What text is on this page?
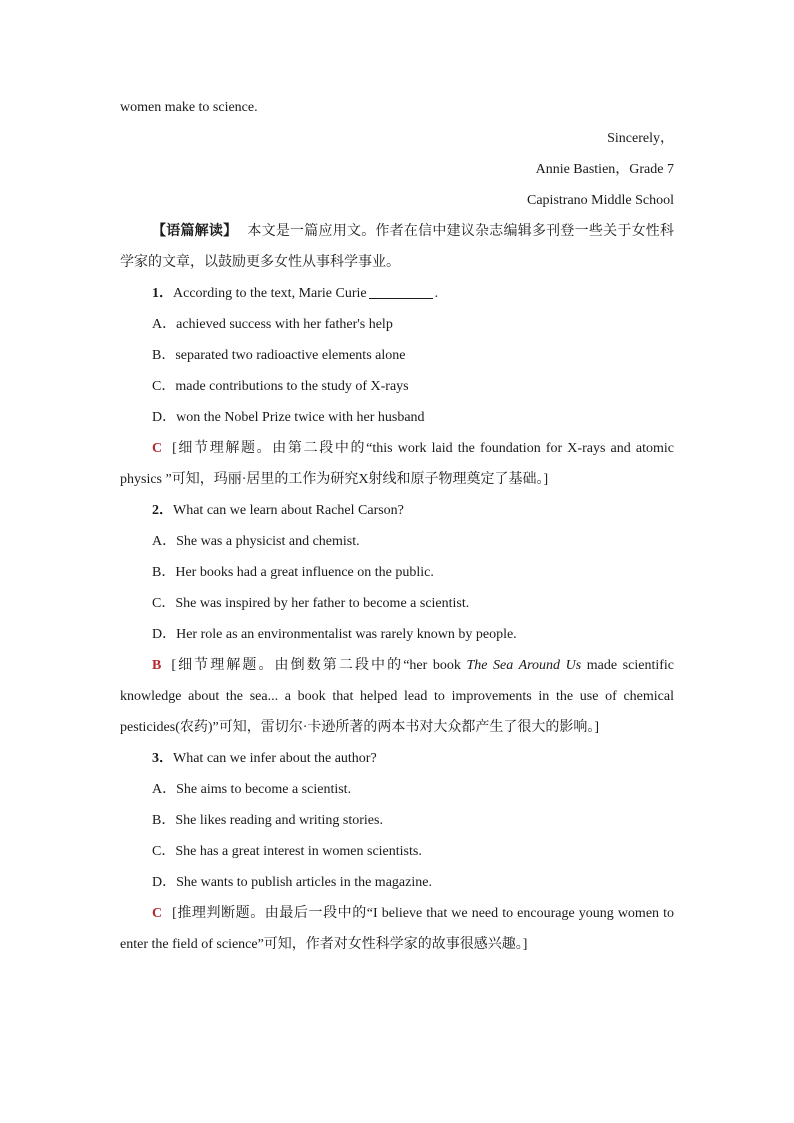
women make to science.
Sincerely，
Annie Bastien，Grade 7
Capistrano Middle School
【语篇解读】 本文是一篇应用文。作者在信中建议杂志编辑多刊登一些关于女性科学家的文章，以鼓励更多女性从事科学事业。
1．According to the text, Marie Curie	.
A．achieved success with her father's help
B．separated two radioactive elements alone
C．made contributions to the study of X-rays
D．won the Nobel Prize twice with her husband
C [细节理解题。由第二段中的“this work laid the foundation for X-rays and atomic physics ”可知，玛丽·居里的工作为研究X射线和原子物理奠定了基础。]
2．What can we learn about Rachel Carson?
A．She was a physicist and chemist.
B．Her books had a great influence on the public.
C．She was inspired by her father to become a scientist.
D．Her role as an environmentalist was rarely known by people.
B [细节理解题。由倒数第二段中的“her book The Sea Around Us made scientific knowledge about the sea... a book that helped lead to improvements in the use of chemical pesticides(农药)”可知，雷切尔·卡逊所著的两本书对大众都产生了很大的影响。]
3．What can we infer about the author?
A．She aims to become a scientist.
B．She likes reading and writing stories.
C．She has a great interest in women scientists.
D．She wants to publish articles in the magazine.
C [推理判断题。由最后一段中的“I believe that we need to encourage young women to enter the field of science”可知，作者对女性科学家的故事很感兴趣。]
